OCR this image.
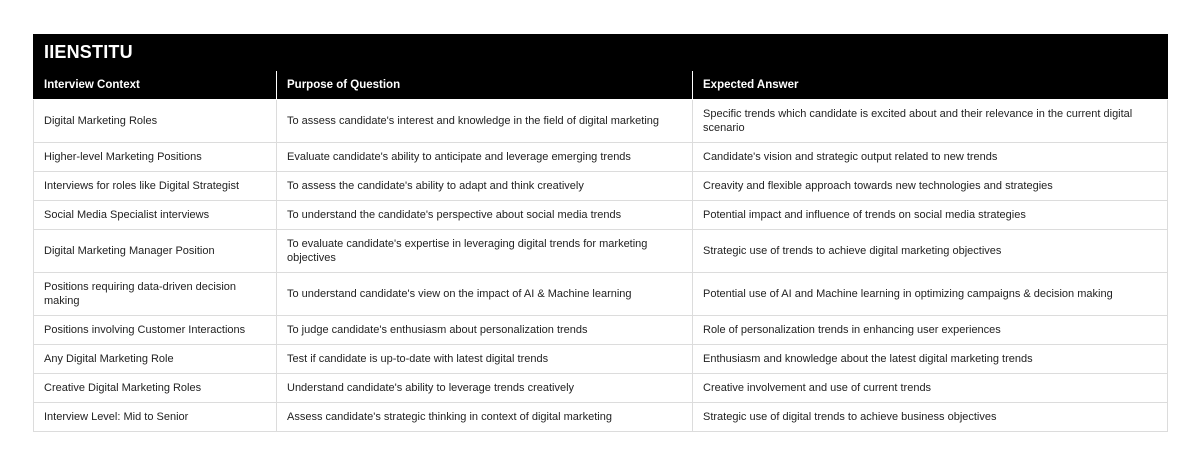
IIENSTITU		
Interview Context	Purpose of Question	Expected Answer
Digital Marketing Roles	To assess candidate's interest and knowledge in the field of digital marketing	Specific trends which candidate is excited about and their relevance in the current digital scenario
Higher-level Marketing Positions	Evaluate candidate's ability to anticipate and leverage emerging trends	Candidate's vision and strategic output related to new trends
Interviews for roles like Digital Strategist	To assess the candidate's ability to adapt and think creatively	Creavity and flexible approach towards new technologies and strategies
Social Media Specialist interviews	To understand the candidate's perspective about social media trends	Potential impact and influence of trends on social media strategies
Digital Marketing Manager Position	To evaluate candidate's expertise in leveraging digital trends for marketing objectives	Strategic use of trends to achieve digital marketing objectives
Positions requiring data-driven decision making	To understand candidate's view on the impact of AI & Machine learning	Potential use of AI and Machine learning in optimizing campaigns & decision making
Positions involving Customer Interactions	To judge candidate's enthusiasm about personalization trends	Role of personalization trends in enhancing user experiences
Any Digital Marketing Role	Test if candidate is up-to-date with latest digital trends	Enthusiasm and knowledge about the latest digital marketing trends
Creative Digital Marketing Roles	Understand candidate's ability to leverage trends creatively	Creative involvement and use of current trends
Interview Level: Mid to Senior	Assess candidate's strategic thinking in context of digital marketing	Strategic use of digital trends to achieve business objectives
